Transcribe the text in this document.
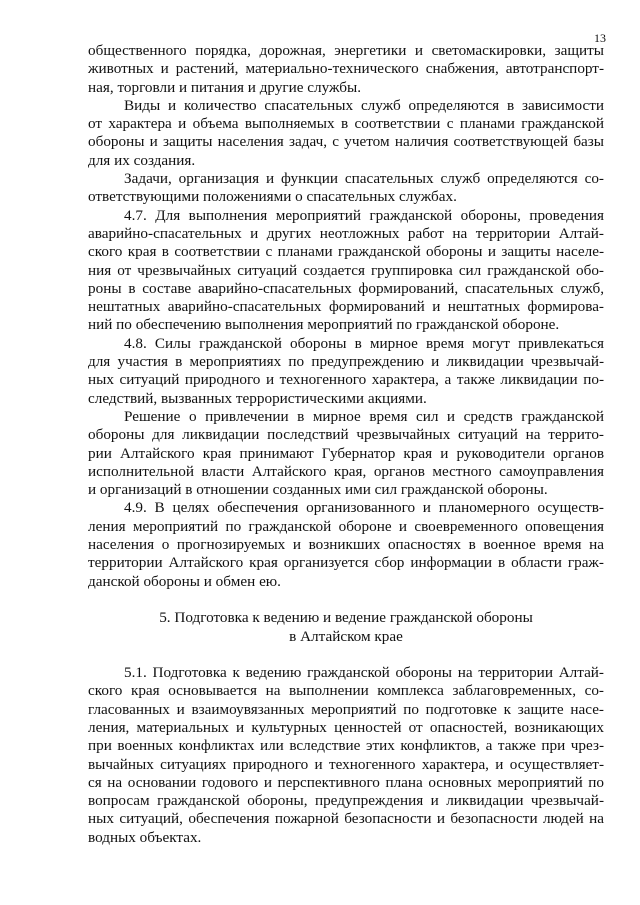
13
общественного порядка, дорожная, энергетики и светомаскировки, защиты
животных и растений, материально-технического снабжения, автотранспорт-
ная, торговли и питания и другие службы.
Виды и количество спасательных служб определяются в зависимости
от характера и объема выполняемых в соответствии с планами гражданской
обороны и защиты населения задач, с учетом наличия соответствующей базы
для их создания.
Задачи, организация и функции спасательных служб определяются со-
ответствующими положениями о спасательных службах.
4.7. Для выполнения мероприятий гражданской обороны, проведения
аварийно-спасательных и других неотложных работ на территории Алтай-
ского края в соответствии с планами гражданской обороны и защиты населе-
ния от чрезвычайных ситуаций создается группировка сил гражданской обо-
роны в составе аварийно-спасательных формирований, спасательных служб,
нештатных аварийно-спасательных формирований и нештатных формирова-
ний по обеспечению выполнения мероприятий по гражданской обороне.
4.8. Силы гражданской обороны в мирное время могут привлекаться
для участия в мероприятиях по предупреждению и ликвидации чрезвычай-
ных ситуаций природного и техногенного характера, а также ликвидации по-
следствий, вызванных террористическими акциями.
Решение о привлечении в мирное время сил и средств гражданской
обороны для ликвидации последствий чрезвычайных ситуаций на террито-
рии Алтайского края принимают Губернатор края и руководители органов
исполнительной власти Алтайского края, органов местного самоуправления
и организаций в отношении созданных ими сил гражданской обороны.
4.9. В целях обеспечения организованного и планомерного осуществ-
ления мероприятий по гражданской обороне и своевременного оповещения
населения о прогнозируемых и возникших опасностях в военное время на
территории Алтайского края организуется сбор информации в области граж-
данской обороны и обмен ею.
5. Подготовка к ведению и ведение гражданской обороны
в Алтайском крае
5.1. Подготовка к ведению гражданской обороны на территории Алтай-
ского края основывается на выполнении комплекса заблаговременных, со-
гласованных и взаимоувязанных мероприятий по подготовке к защите насе-
ления, материальных и культурных ценностей от опасностей, возникающих
при военных конфликтах или вследствие этих конфликтов, а также при чрез-
вычайных ситуациях природного и техногенного характера, и осуществляет-
ся на основании годового и перспективного плана основных мероприятий по
вопросам гражданской обороны, предупреждения и ликвидации чрезвычай-
ных ситуаций, обеспечения пожарной безопасности и безопасности людей на
водных объектах.
